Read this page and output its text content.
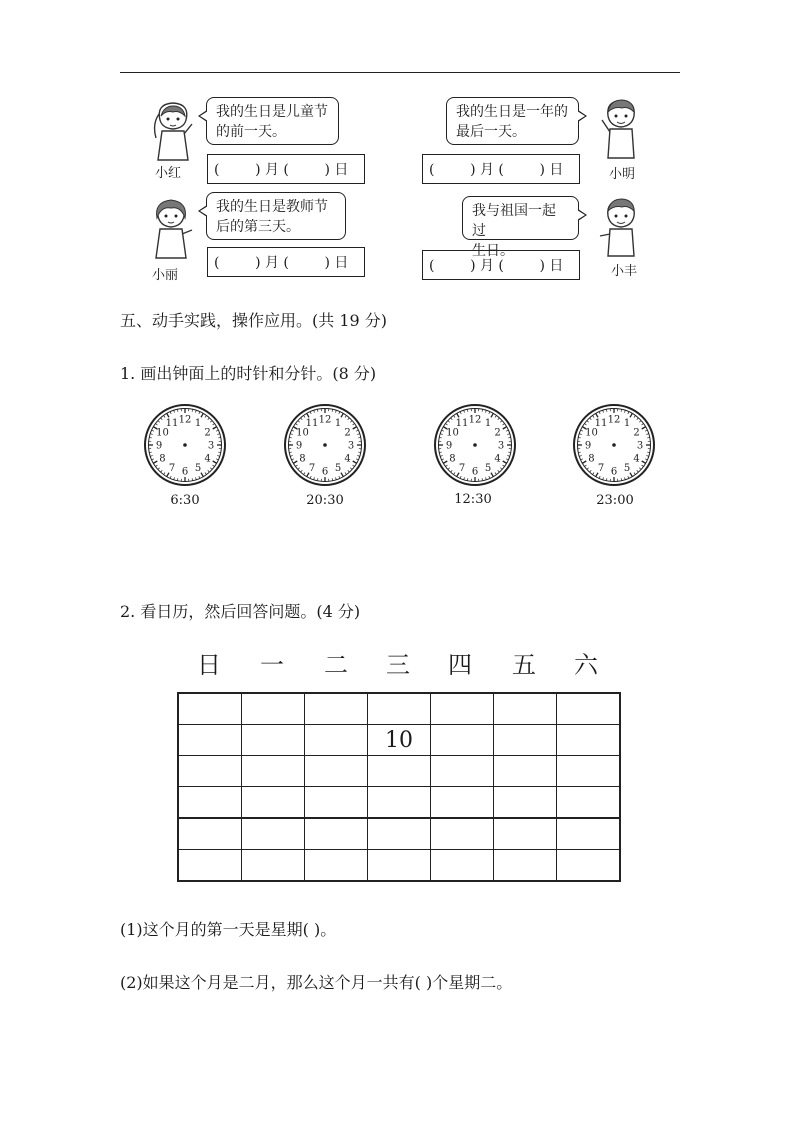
小红
我的生日是儿童节
的前一天。
(        ) 月 (        ) 日
我的生日是一年的
最后一天。
(        ) 月 (        ) 日	小明
小丽
我的生日是教师节
后的第三天。
(        ) 月 (        ) 日
我与祖国一起过
生日。
(        ) 月 (        ) 日	小丰
五、动手实践，操作应用。(共 19 分)
1. 画出钟面上的时针和分针。(8 分)
12 1
2
3
4
5
6
7
8
9
10
11	12 1
2
3
4
5
6
7
8
9
10
11	12 1
2
3
4
5
6
7
8
9
10
11	12 1
2
3
4
5
6
7
8
9
10
11
6:30	20:30	12:30	23:00
2. 看日历，然后回答问题。(4 分)
日	一	二	三	四	五	六

			10			

(1)这个月的第一天是星期( )。
(2)如果这个月是二月，那么这个月一共有( )个星期二。
